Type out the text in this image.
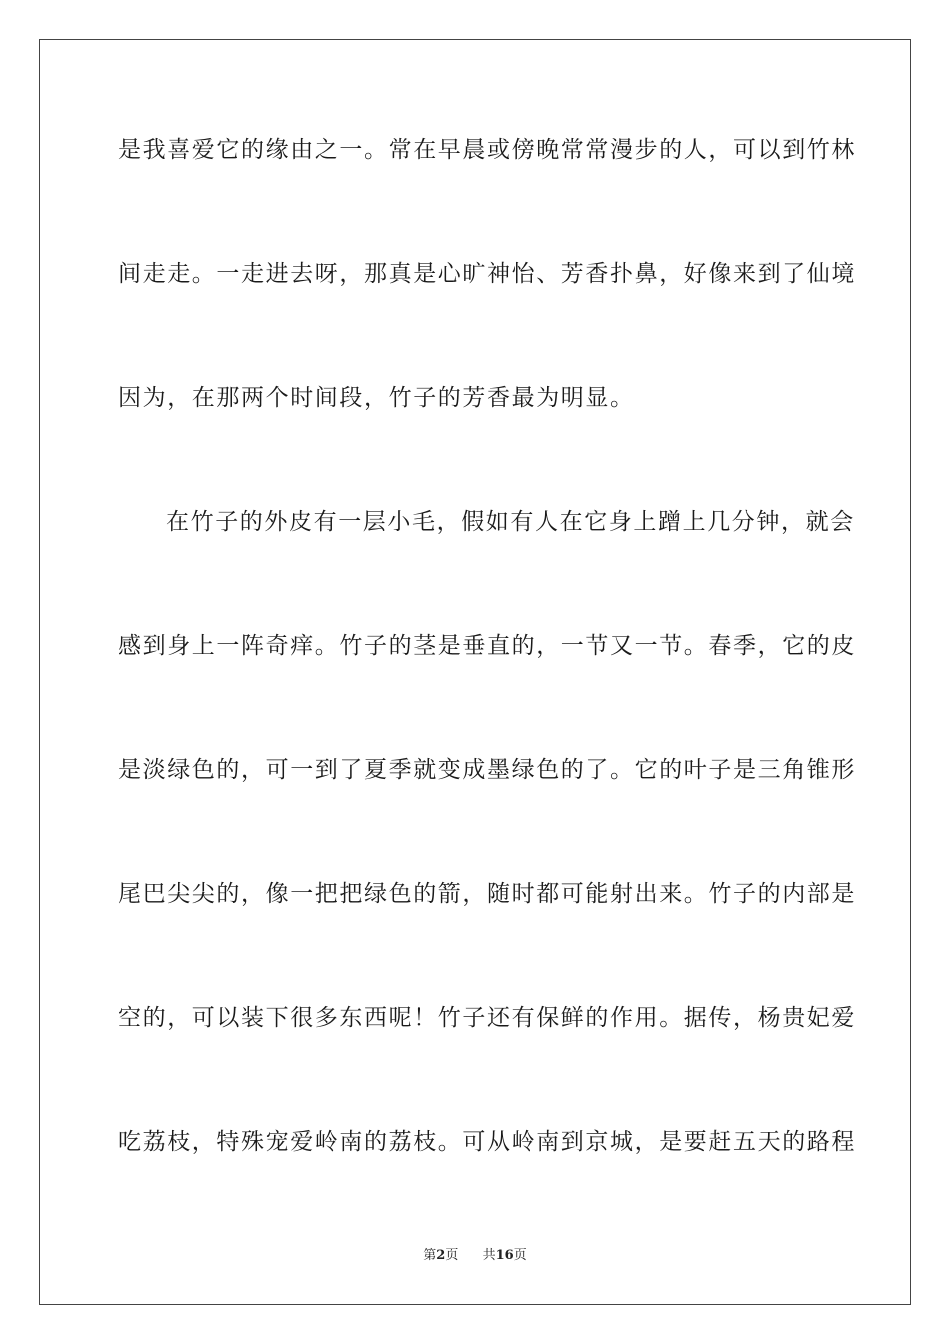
是我喜爱它的缘由之一。常在早晨或傍晚常常漫步的人，可以到竹林
间走走。一走进去呀，那真是心旷神怡、芳香扑鼻，好像来到了仙境
因为，在那两个时间段，竹子的芳香最为明显。
在竹子的外皮有一层小毛，假如有人在它身上蹭上几分钟，就会
感到身上一阵奇痒。竹子的茎是垂直的，一节又一节。春季，它的皮
是淡绿色的，可一到了夏季就变成墨绿色的了。它的叶子是三角锥形
尾巴尖尖的，像一把把绿色的箭，随时都可能射出来。竹子的内部是
空的，可以装下很多东西呢！竹子还有保鲜的作用。据传，杨贵妃爱
吃荔枝，特殊宠爱岭南的荔枝。可从岭南到京城，是要赶五天的路程
第2页 共16页
